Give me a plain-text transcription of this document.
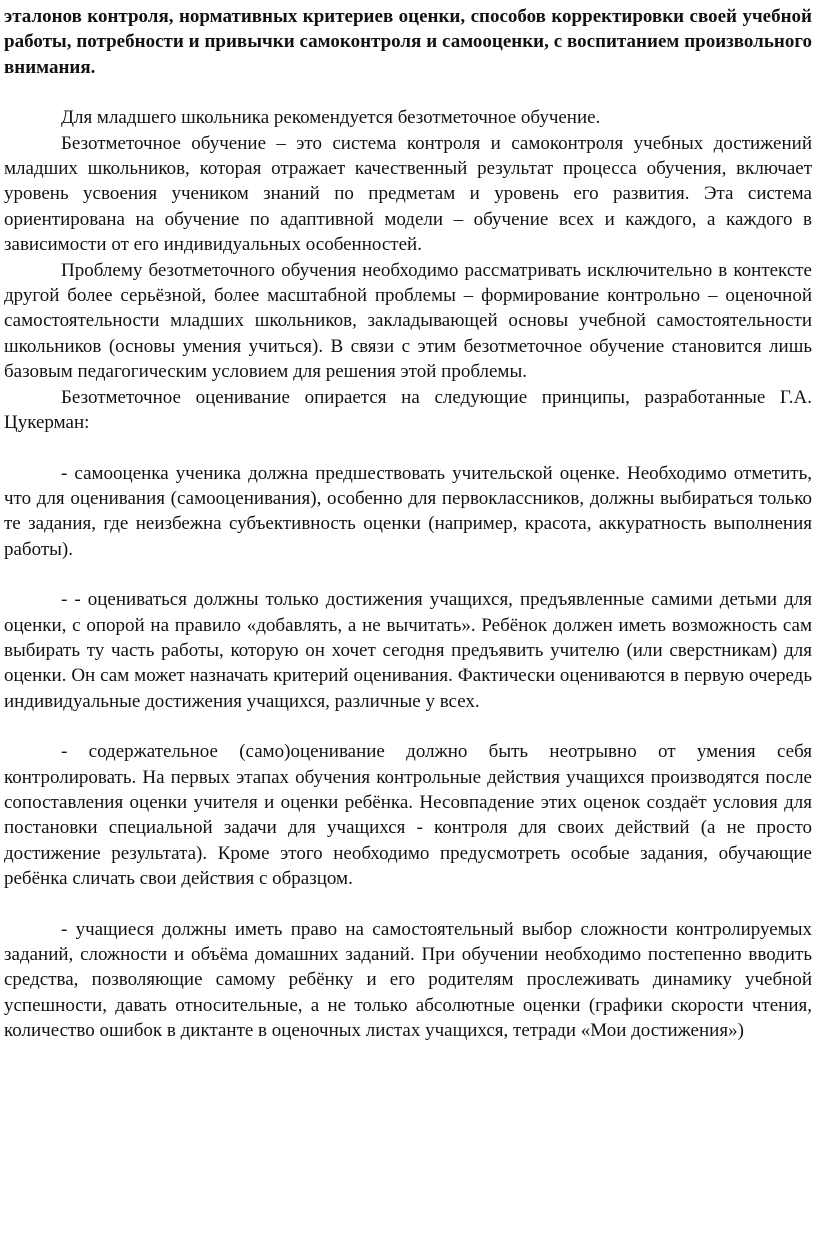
эталонов контроля, нормативных критериев оценки, способов корректировки своей учебной работы, потребности и привычки самоконтроля и самооценки, с воспитанием произвольного внимания.

Для младшего школьника рекомендуется безотметочное обучение.

Безотметочное обучение – это система контроля и самоконтроля учебных достижений младших школьников, которая отражает качественный результат процесса обучения, включает уровень усвоения учеником знаний по предметам и уровень его развития. Эта система ориентирована на обучение по адаптивной модели – обучение всех и каждого, а каждого в зависимости от его индивидуальных особенностей.

Проблему безотметочного обучения необходимо рассматривать исключительно в контексте другой более серьёзной, более масштабной проблемы – формирование контрольно – оценочной самостоятельности младших школьников, закладывающей основы учебной самостоятельности школьников (основы умения учиться). В связи с этим безотметочное обучение становится лишь базовым педагогическим условием для решения этой проблемы.

Безотметочное оценивание опирается на следующие принципы, разработанные Г.А. Цукерман:

- самооценка ученика должна предшествовать учительской оценке. Необходимо отметить, что для оценивания (самооценивания), особенно для первоклассников, должны выбираться только те задания, где неизбежна субъективность оценки (например, красота, аккуратность выполнения работы).

- - оцениваться должны только достижения учащихся, предъявленные самими детьми для оценки, с опорой на правило «добавлять, а не вычитать». Ребёнок должен иметь возможность сам выбирать ту часть работы, которую он хочет сегодня предъявить учителю (или сверстникам) для оценки. Он сам может назначать критерий оценивания. Фактически оцениваются в первую очередь индивидуальные достижения учащихся, различные у всех.

- содержательное (само)оценивание должно быть неотрывно от умения себя контролировать. На первых этапах обучения контрольные действия учащихся производятся после сопоставления оценки учителя и оценки ребёнка. Несовпадение этих оценок создаёт условия для постановки специальной задачи для учащихся - контроля для своих действий (а не просто достижение результата). Кроме этого необходимо предусмотреть особые задания, обучающие ребёнка сличать свои действия с образцом.

- учащиеся должны иметь право на самостоятельный выбор сложности контролируемых заданий, сложности и объёма домашних заданий. При обучении необходимо постепенно вводить средства, позволяющие самому ребёнку и его родителям прослеживать динамику учебной успешности, давать относительные, а не только абсолютные оценки (графики скорости чтения, количество ошибок в диктанте в оценочных листах учащихся, тетради «Мои достижения»)
